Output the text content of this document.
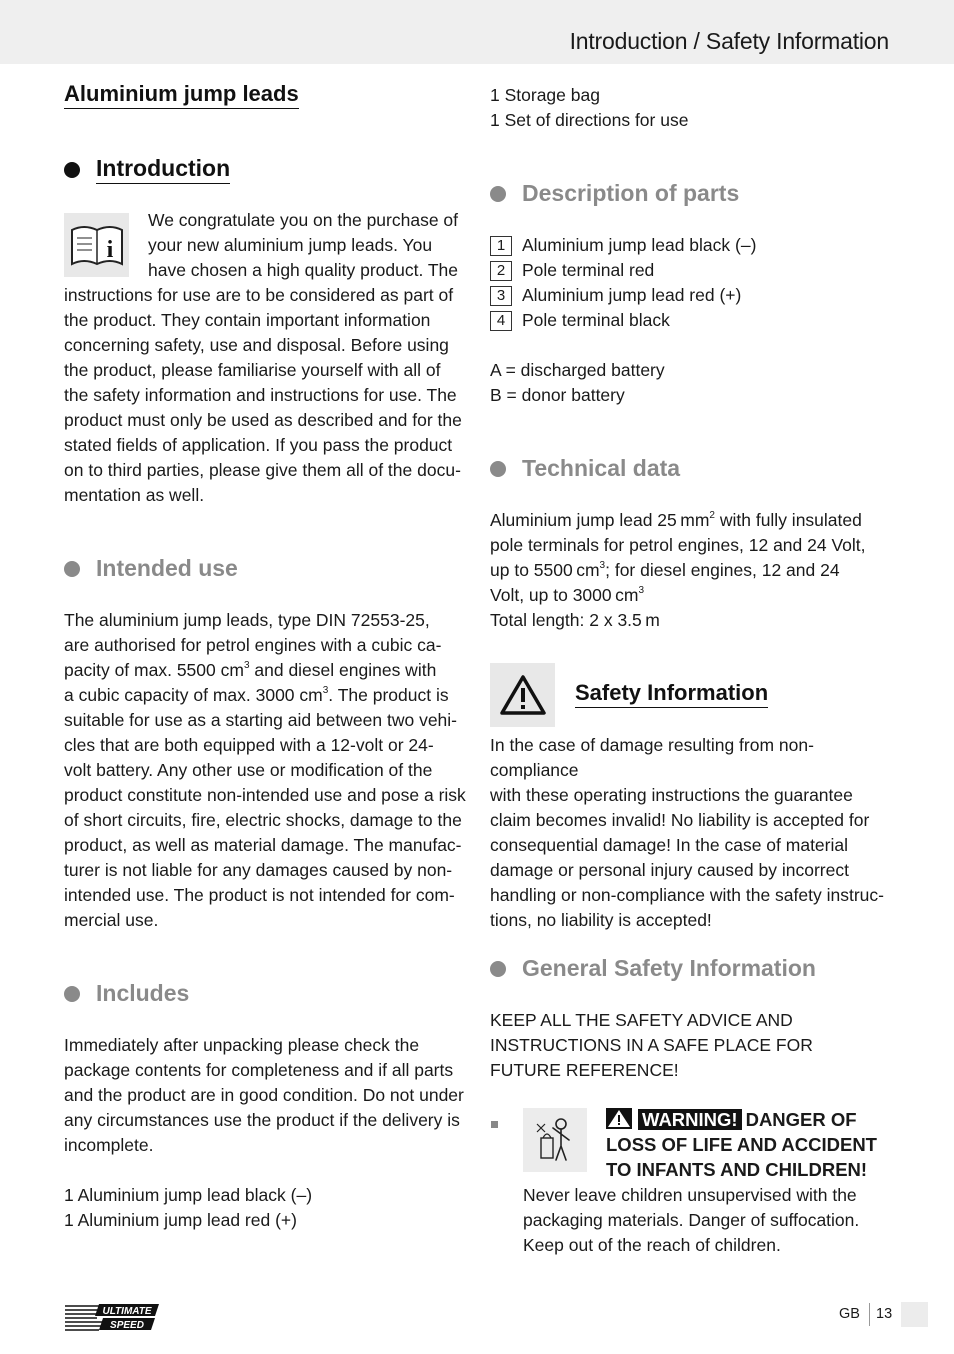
Introduction / Safety Information
Aluminium jump leads
Introduction
i
We congratulate you on the purchase of
your new aluminium jump leads. You
have chosen a high quality product. The
instructions for use are to be considered as part of
the product. They contain important information
concerning safety, use and disposal. Before using
the product, please familiarise yourself with all of
the safety information and instructions for use. The
product must only be used as described and for the
stated fields of application. If you pass the product
on to third parties, please give them all of the docu-
mentation as well.
Intended use
The aluminium jump leads, type DIN 72553-25,
are authorised for petrol engines with a cubic ca-
pacity of max. 5500 $cm^3$ and diesel engines with
a cubic capacity of max. 3000 $cm^3$. The product is
suitable for use as a starting aid between two vehi-
cles that are both equipped with a 12-volt or 24-
volt battery. Any other use or modification of the
product constitute non-intended use and pose a risk
of short circuits, fire, electric shocks, damage to the
product, as well as material damage. The manufac-
turer is not liable for any damages caused by non-
intended use. The product is not intended for com-
mercial use.
Includes
Immediately after unpacking please check the
package contents for completeness and if all parts
and the product are in good condition. Do not under
any circumstances use the product if the delivery is
incomplete.
1 Aluminium jump lead black (–)
1 Aluminium jump lead red (+)
1 Storage bag
1 Set of directions for use
Description of parts
1 Aluminium jump lead black (–)
2 Pole terminal red
3 Aluminium jump lead red (+)
4 Pole terminal black
A = discharged battery
B = donor battery
Technical data
Aluminium jump lead 25 $mm^2$ with fully insulated
pole terminals for petrol engines, 12 and 24 Volt,
up to 5500 $cm^3$; for diesel engines, 12 and 24
Volt, up to 3000 $cm^3$
Total length: 2 x 3.5 m
Safety Information
In the case of damage resulting from non-compliance
with these operating instructions the guarantee
claim becomes invalid! No liability is accepted for
consequential damage! In the case of material
damage or personal injury caused by incorrect
handling or non-compliance with the safety instruc-
tions, no liability is accepted!
General Safety Information
KEEP ALL THE SAFETY ADVICE AND
INSTRUCTIONS IN A SAFE PLACE FOR
FUTURE REFERENCE!
WARNING! DANGER OF
LOSS OF LIFE AND ACCIDENT
TO INFANTS AND CHILDREN!
Never leave children unsupervised with the
packaging materials. Danger of suffocation.
Keep out of the reach of children.
ULTIMATE
SPEED
GB 13
